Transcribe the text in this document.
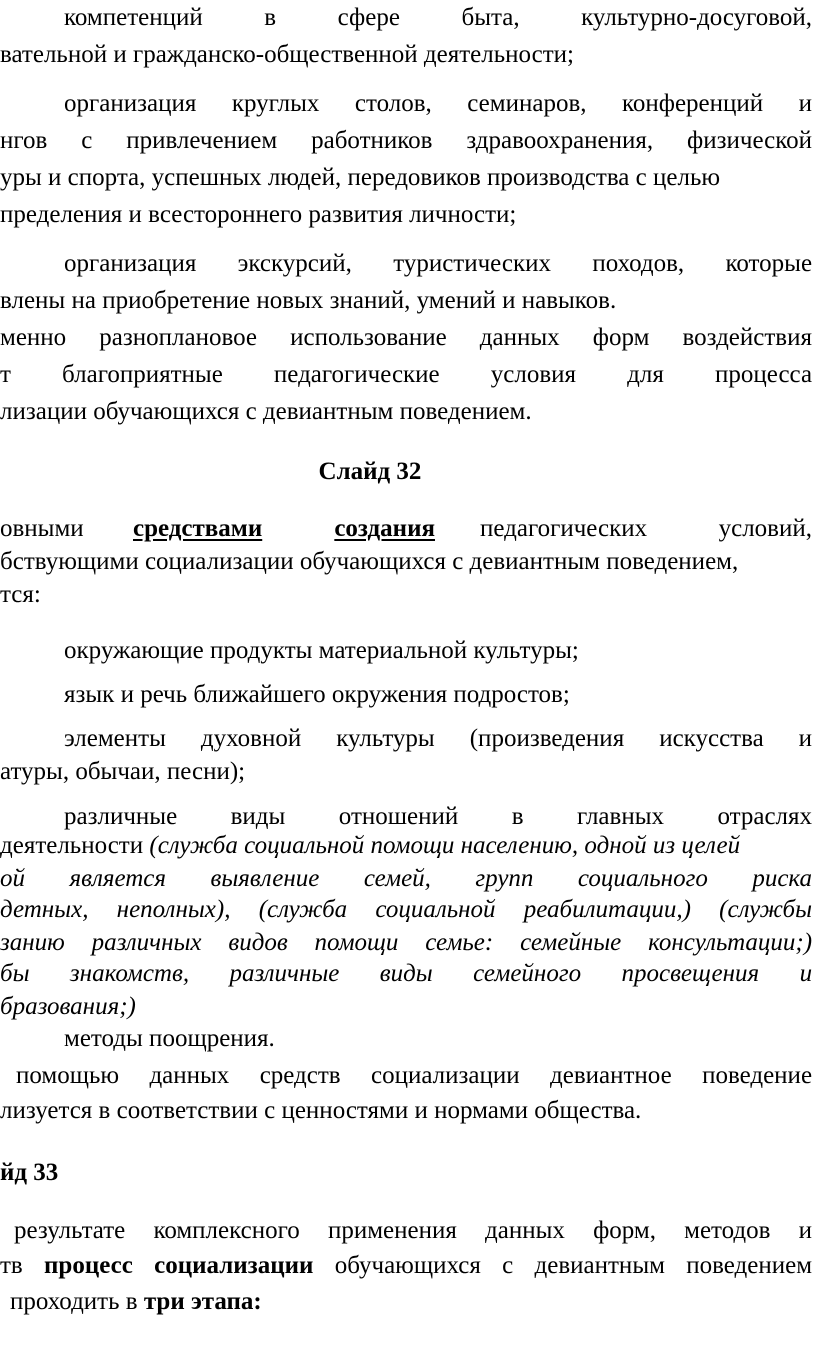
компетенций в сфере быта, культурно-досуговой,
вательной и гражданско-общественной деятельности;
организация круглых столов, семинаров, конференций и
нгов с привлечением работников здравоохранения, физической
уры и спорта, успешных людей, передовиков производства с целью
пределения и всестороннего развития личности;
организация экскурсий, туристических походов, которые
влены на приобретение новых знаний, умений и навыков.
менно разноплановое использование данных форм воздействия
т благоприятные педагогические условия для процесса
лизации обучающихся с девиантным поведением.
Слайд 32
овными средствами	создания педагогических	условий,
бствующими социализации обучающихся с девиантным поведением,
тся:
окружающие продукты материальной культуры;
язык и речь ближайшего окружения подростов;
элементы духовной культуры (произведения искусства и
атуры, обычаи, песни);
различные виды отношений в главных отраслях
деятельности (служба социальной помощи населению, одной из целей
ой является выявление семей, групп социального риска
детных, неполных), (служба социальной реабилитации,) (службы
занию различных видов помощи семье: семейные консультации;)
бы знакомств, различные виды семейного просвещения и
бразования;)
методы поощрения.
помощью данных средств социализации девиантное поведение
лизуется в соответствии с ценностями и нормами общества.
йд 33
результате комплексного применения данных форм, методов и
тв процесс социализации обучающихся с девиантным поведением
проходить в три этапа:
